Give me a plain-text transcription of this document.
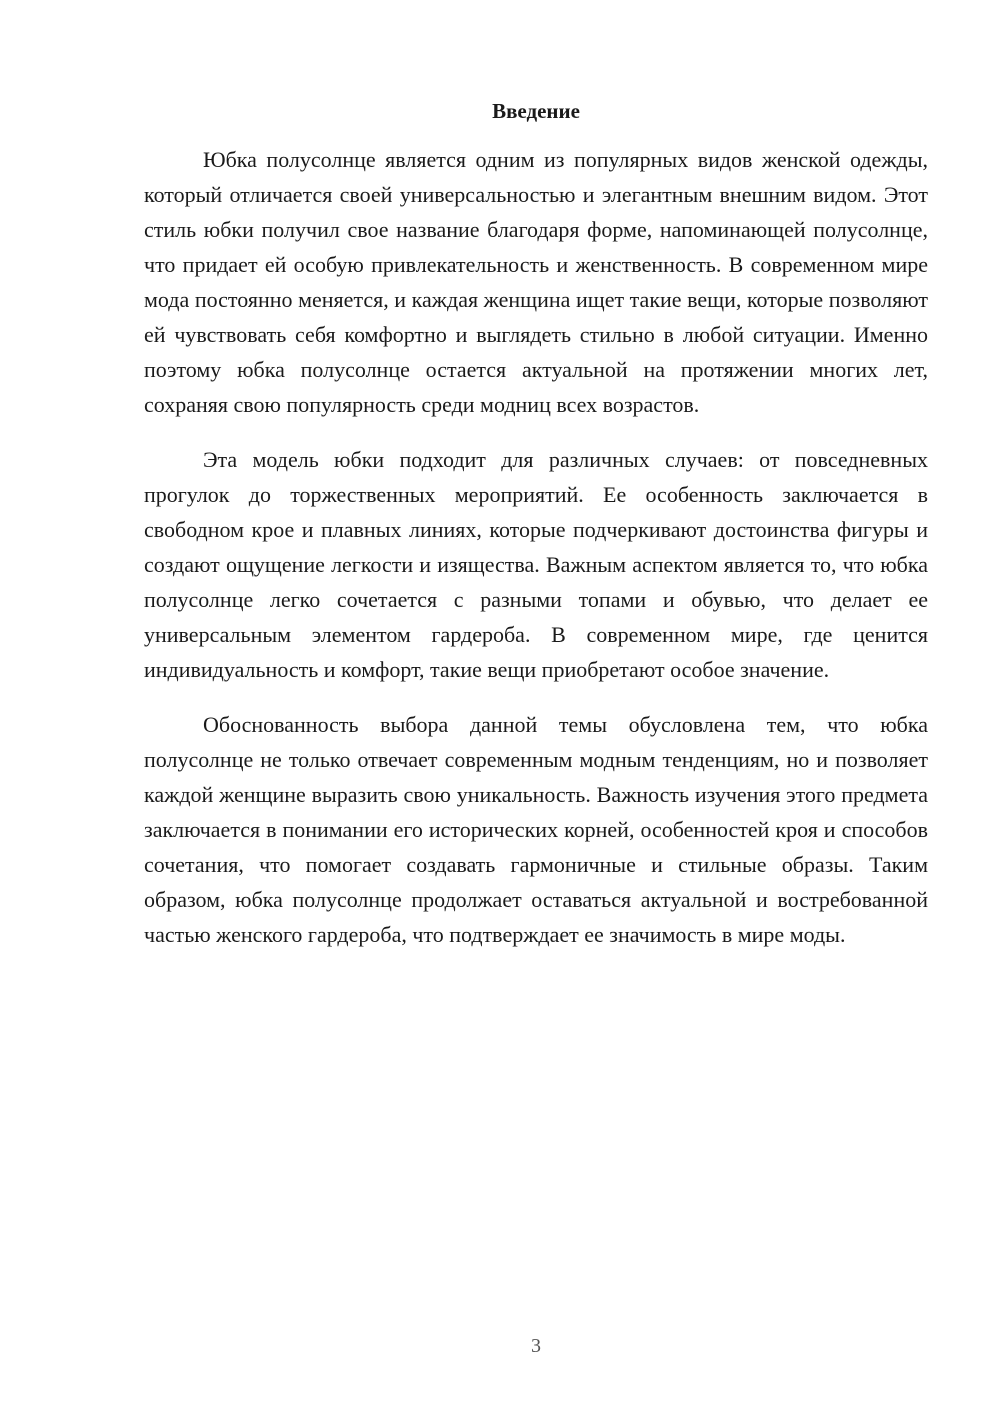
Введение

Юбка полусолнце является одним из популярных видов женской одежды, который отличается своей универсальностью и элегантным внешним видом. Этот стиль юбки получил свое название благодаря форме, напоминающей полусолнце, что придает ей особую привлекательность и женственность. В современном мире мода постоянно меняется, и каждая женщина ищет такие вещи, которые позволяют ей чувствовать себя комфортно и выглядеть стильно в любой ситуации. Именно поэтому юбка полусолнце остается актуальной на протяжении многих лет, сохраняя свою популярность среди модниц всех возрастов.

Эта модель юбки подходит для различных случаев: от повседневных прогулок до торжественных мероприятий. Ее особенность заключается в свободном крое и плавных линиях, которые подчеркивают достоинства фигуры и создают ощущение легкости и изящества. Важным аспектом является то, что юбка полусолнце легко сочетается с разными топами и обувью, что делает ее универсальным элементом гардероба. В современном мире, где ценится индивидуальность и комфорт, такие вещи приобретают особое значение.

Обоснованность выбора данной темы обусловлена тем, что юбка полусолнце не только отвечает современным модным тенденциям, но и позволяет каждой женщине выразить свою уникальность. Важность изучения этого предмета заключается в понимании его исторических корней, особенностей кроя и способов сочетания, что помогает создавать гармоничные и стильные образы. Таким образом, юбка полусолнце продолжает оставаться актуальной и востребованной частью женского гардероба, что подтверждает ее значимость в мире моды.

3
